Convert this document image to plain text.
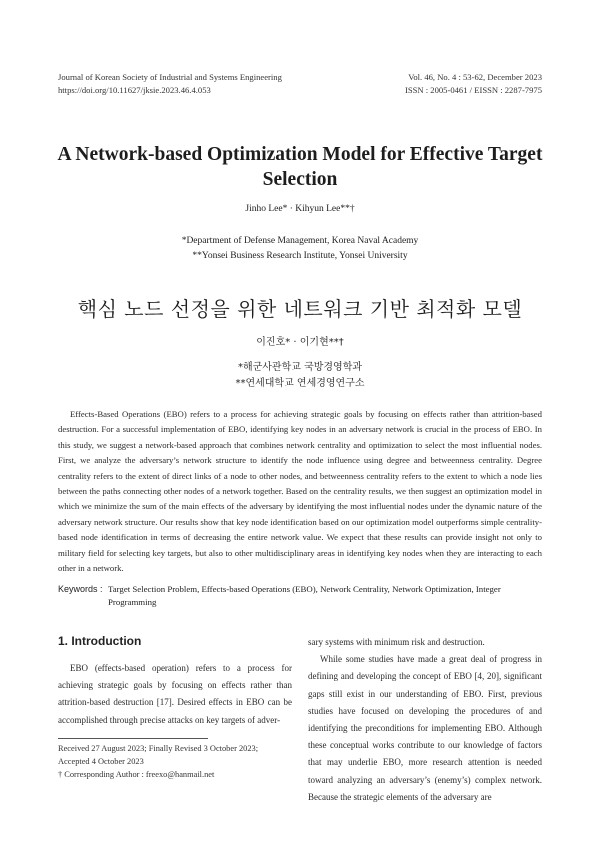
Journal of Korean Society of Industrial and Systems Engineering
https://doi.org/10.11627/jksie.2023.46.4.053
Vol. 46, No. 4 : 53-62, December 2023
ISSN : 2005-0461 / EISSN : 2287-7975
A Network-based Optimization Model for Effective Target Selection
Jinho Lee* · Kihyun Lee**†
*Department of Defense Management, Korea Naval Academy
**Yonsei Business Research Institute, Yonsei University
핵심 노드 선정을 위한 네트워크 기반 최적화 모델
이진호* · 이기현**†
*해군사관학교 국방경영학과
**연세대학교 연세경영연구소
Effects-Based Operations (EBO) refers to a process for achieving strategic goals by focusing on effects rather than attrition-based destruction. For a successful implementation of EBO, identifying key nodes in an adversary network is crucial in the process of EBO. In this study, we suggest a network-based approach that combines network centrality and optimization to select the most influential nodes. First, we analyze the adversary’s network structure to identify the node influence using degree and betweenness centrality. Degree centrality refers to the extent of direct links of a node to other nodes, and betweenness centrality refers to the extent to which a node lies between the paths connecting other nodes of a network together. Based on the centrality results, we then suggest an optimization model in which we minimize the sum of the main effects of the adversary by identifying the most influential nodes under the dynamic nature of the adversary network structure. Our results show that key node identification based on our optimization model outperforms simple centrality-based node identification in terms of decreasing the entire network value. We expect that these results can provide insight not only to military field for selecting key targets, but also to other multidisciplinary areas in identifying key nodes when they are interacting to each other in a network.
Keywords : Target Selection Problem, Effects-based Operations (EBO), Network Centrality, Network Optimization, Integer Programming
1. Introduction
EBO (effects-based operation) refers to a process for achieving strategic goals by focusing on effects rather than attrition-based destruction [17]. Desired effects in EBO can be accomplished through precise attacks on key targets of adver-

sary systems with minimum risk and destruction.

While some studies have made a great deal of progress in defining and developing the concept of EBO [4, 20], significant gaps still exist in our understanding of EBO. First, previous studies have focused on developing the procedures of and identifying the preconditions for implementing EBO. Although these conceptual works contribute to our knowledge of factors that may underlie EBO, more research attention is needed toward analyzing an adversary’s (enemy’s) complex network. Because the strategic elements of the adversary are

Received 27 August 2023; Finally Revised 3 October 2023;
Accepted 4 October 2023
† Corresponding Author : freexo@hanmail.net
